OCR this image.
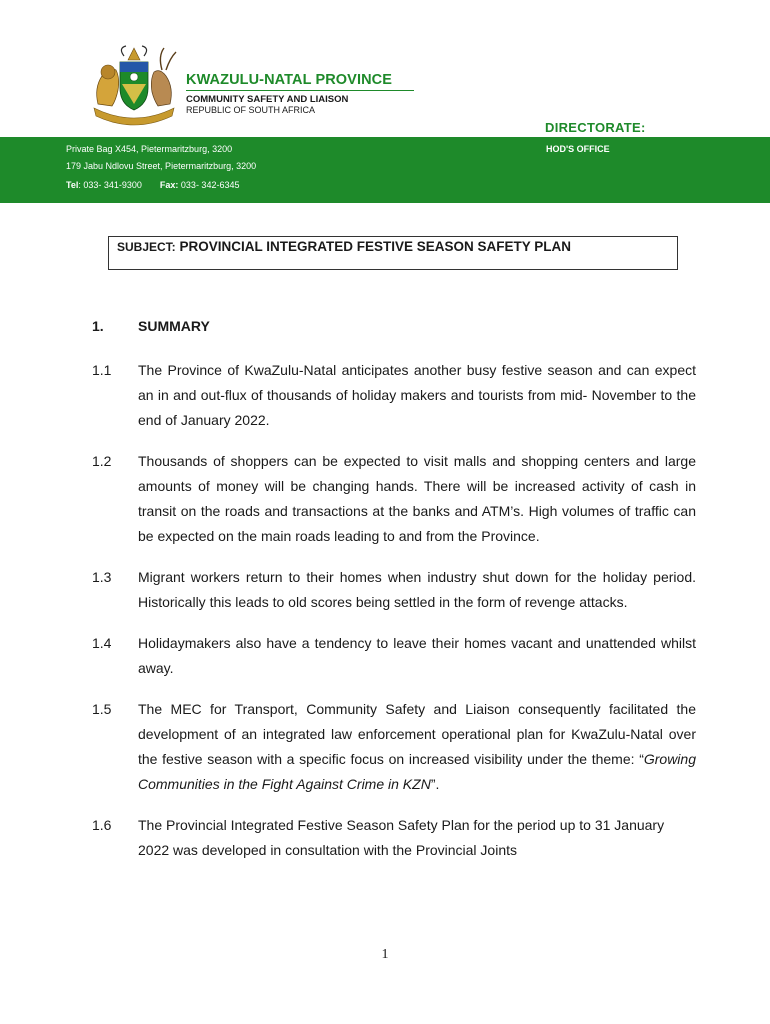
KWAZULU-NATAL PROVINCE
COMMUNITY SAFETY AND LIAISON
REPUBLIC OF SOUTH AFRICA
DIRECTORATE:
Private Bag X454, Pietermaritzburg, 3200
179 Jabu Ndlovu Street, Pietermaritzburg, 3200
Tel: 033- 341-9300 Fax: 033- 342-6345
HOD'S OFFICE
SUBJECT: PROVINCIAL INTEGRATED FESTIVE SEASON SAFETY PLAN
1. SUMMARY
1.1 The Province of KwaZulu-Natal anticipates another busy festive season and can expect an in and out-flux of thousands of holiday makers and tourists from mid- November to the end of January 2022.
1.2 Thousands of shoppers can be expected to visit malls and shopping centers and large amounts of money will be changing hands. There will be increased activity of cash in transit on the roads and transactions at the banks and ATM’s. High volumes of traffic can be expected on the main roads leading to and from the Province.
1.3 Migrant workers return to their homes when industry shut down for the holiday period. Historically this leads to old scores being settled in the form of revenge attacks.
1.4 Holidaymakers also have a tendency to leave their homes vacant and unattended whilst away.
1.5 The MEC for Transport, Community Safety and Liaison consequently facilitated the development of an integrated law enforcement operational plan for KwaZulu-Natal over the festive season with a specific focus on increased visibility under the theme: “Growing Communities in the Fight Against Crime in KZN”.
1.6 The Provincial Integrated Festive Season Safety Plan for the period up to 31 January 2022 was developed in consultation with the Provincial Joints
1
